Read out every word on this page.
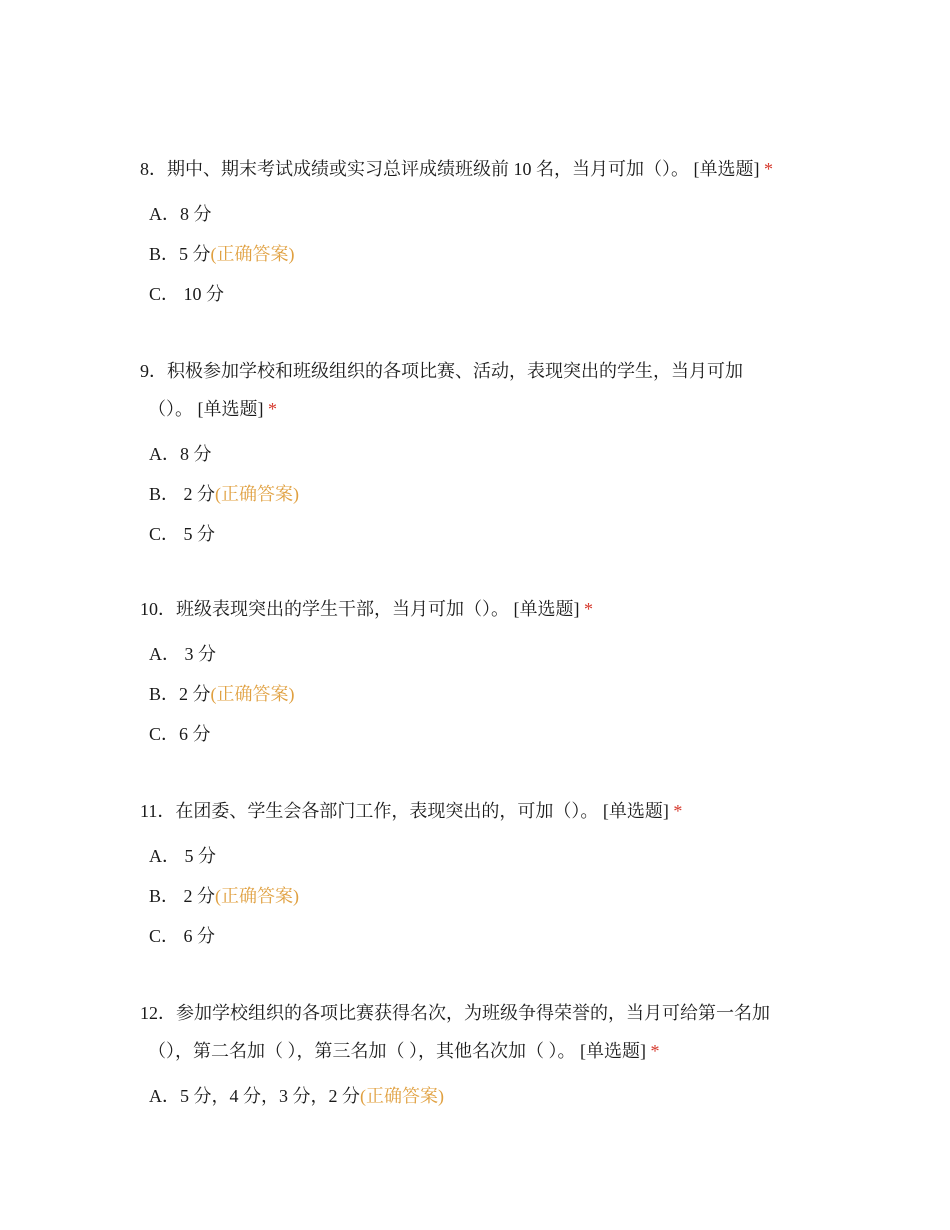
8．期中、期末考试成绩或实习总评成绩班级前 10 名，当月可加（）。 [单选题] *
A．8 分
B．5 分(正确答案)
C． 10 分
9．积极参加学校和班级组织的各项比赛、活动，表现突出的学生，当月可加
（）。 [单选题] *
A．8 分
B． 2 分(正确答案)
C． 5 分
10．班级表现突出的学生干部，当月可加（）。 [单选题] *
A． 3 分
B．2 分(正确答案)
C．6 分
11．在团委、学生会各部门工作，表现突出的，可加（）。 [单选题] *
A． 5 分
B． 2 分(正确答案)
C． 6 分
12．参加学校组织的各项比赛获得名次，为班级争得荣誉的，当月可给第一名加
（），第二名加（ ），第三名加（ ），其他名次加（ ）。 [单选题] *
A．5 分，4 分，3 分，2 分(正确答案)
